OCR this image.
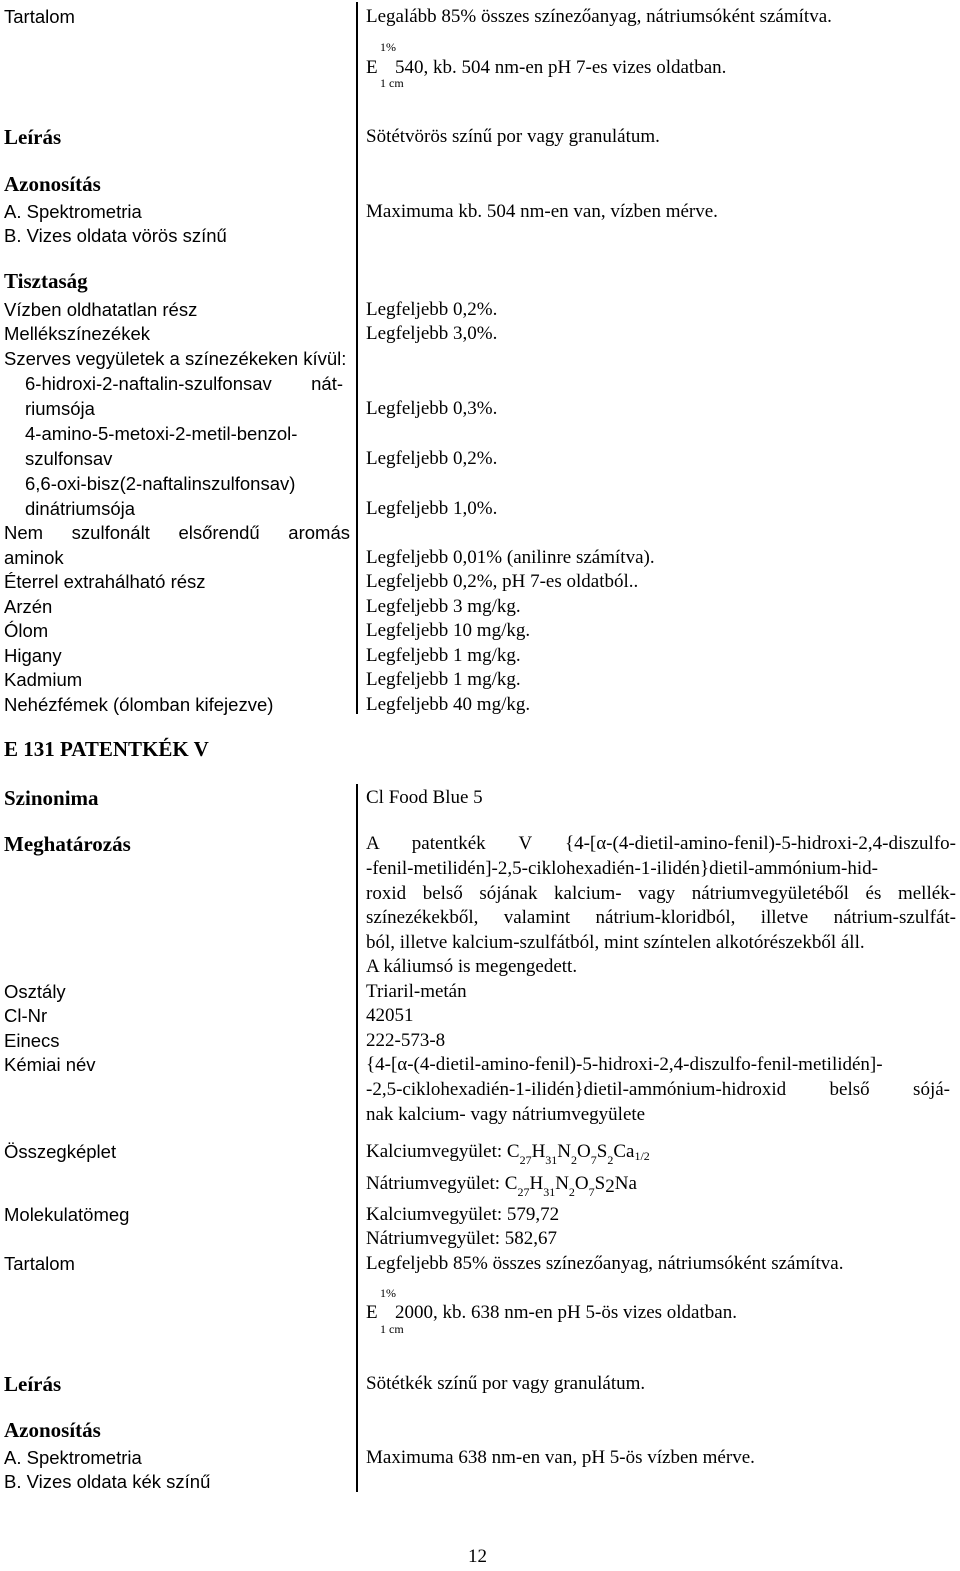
Tartalom	Legalább 85% összes színezőanyag, nátriumsóként számítva.
1%
E 540, kb. 504 nm-en pH 7-es vizes oldatban.
1 cm
Leírás	Sötétvörös színű por vagy granulátum.
Azonosítás
A. Spektrometria	Maximuma kb. 504 nm-en van, vízben mérve.
B. Vizes oldata vörös színű
Tisztaság
Vízben oldhatatlan rész	Legfeljebb 0,2%.
Mellékszínezékek	Legfeljebb 3,0%.
Szerves vegyületek a színezékeken kívül:
6-hidroxi-2-naftalin-szulfonsav nát-
riumsója	Legfeljebb 0,3%.
4-amino-5-metoxi-2-metil-benzol-
szulfonsav	Legfeljebb 0,2%.
6,6-oxi-bisz(2-naftalinszulfonsav)
dinátriumsója	Legfeljebb 1,0%.
Nem szulfonált elsőrendű aromás
aminok	Legfeljebb 0,01% (anilinre számítva).
Éterrel extrahálható rész	Legfeljebb 0,2%, pH 7-es oldatból..
Arzén	Legfeljebb 3 mg/kg.
Ólom	Legfeljebb 10 mg/kg.
Higany	Legfeljebb 1 mg/kg.
Kadmium	Legfeljebb 1 mg/kg.
Nehézfémek (ólomban kifejezve)	Legfeljebb 40 mg/kg.
E 131 PATENTKÉK V
Szinonima	Cl Food Blue 5
Meghatározás	A patentkék V {4-[α-(4-dietil-amino-fenil)-5-hidroxi-2,4-diszulfo-
-fenil-metilidén]-2,5-ciklohexadién-1-ilidén}dietil-ammónium-hid-
roxid belső sójának kalcium- vagy nátriumvegyületéből és mellék-
színezékekből, valamint nátrium-kloridból, illetve nátrium-szulfát-
ból, illetve kalcium-szulfátból, mint színtelen alkotórészekből áll.
A káliumsó is megengedett.
Osztály	Triaril-metán
Cl-Nr	42051
Einecs	222-573-8
Kémiai név	{4-[α-(4-dietil-amino-fenil)-5-hidroxi-2,4-diszulfo-fenil-metilidén]-
-2,5-ciklohexadién-1-ilidén}dietil-ammónium-hidroxid belső sójá-
nak kalcium- vagy nátriumvegyülete
Összegképlet	Kalciumvegyület: $C_{27}H_{31}N_2O_7S_2Ca1/2$
Nátriumvegyület: $C_{27}H_{31}N_2O_7S2Na$
Molekulatömeg	Kalciumvegyület: 579,72
Nátriumvegyület: 582,67
Tartalom	Legfeljebb 85% összes színezőanyag, nátriumsóként számítva.
1%
E 2000, kb. 638 nm-en pH 5-ös vizes oldatban.
1 cm
Leírás	Sötétkék színű por vagy granulátum.
Azonosítás
A. Spektrometria	Maximuma 638 nm-en van, pH 5-ös vízben mérve.
B. Vizes oldata kék színű
12
